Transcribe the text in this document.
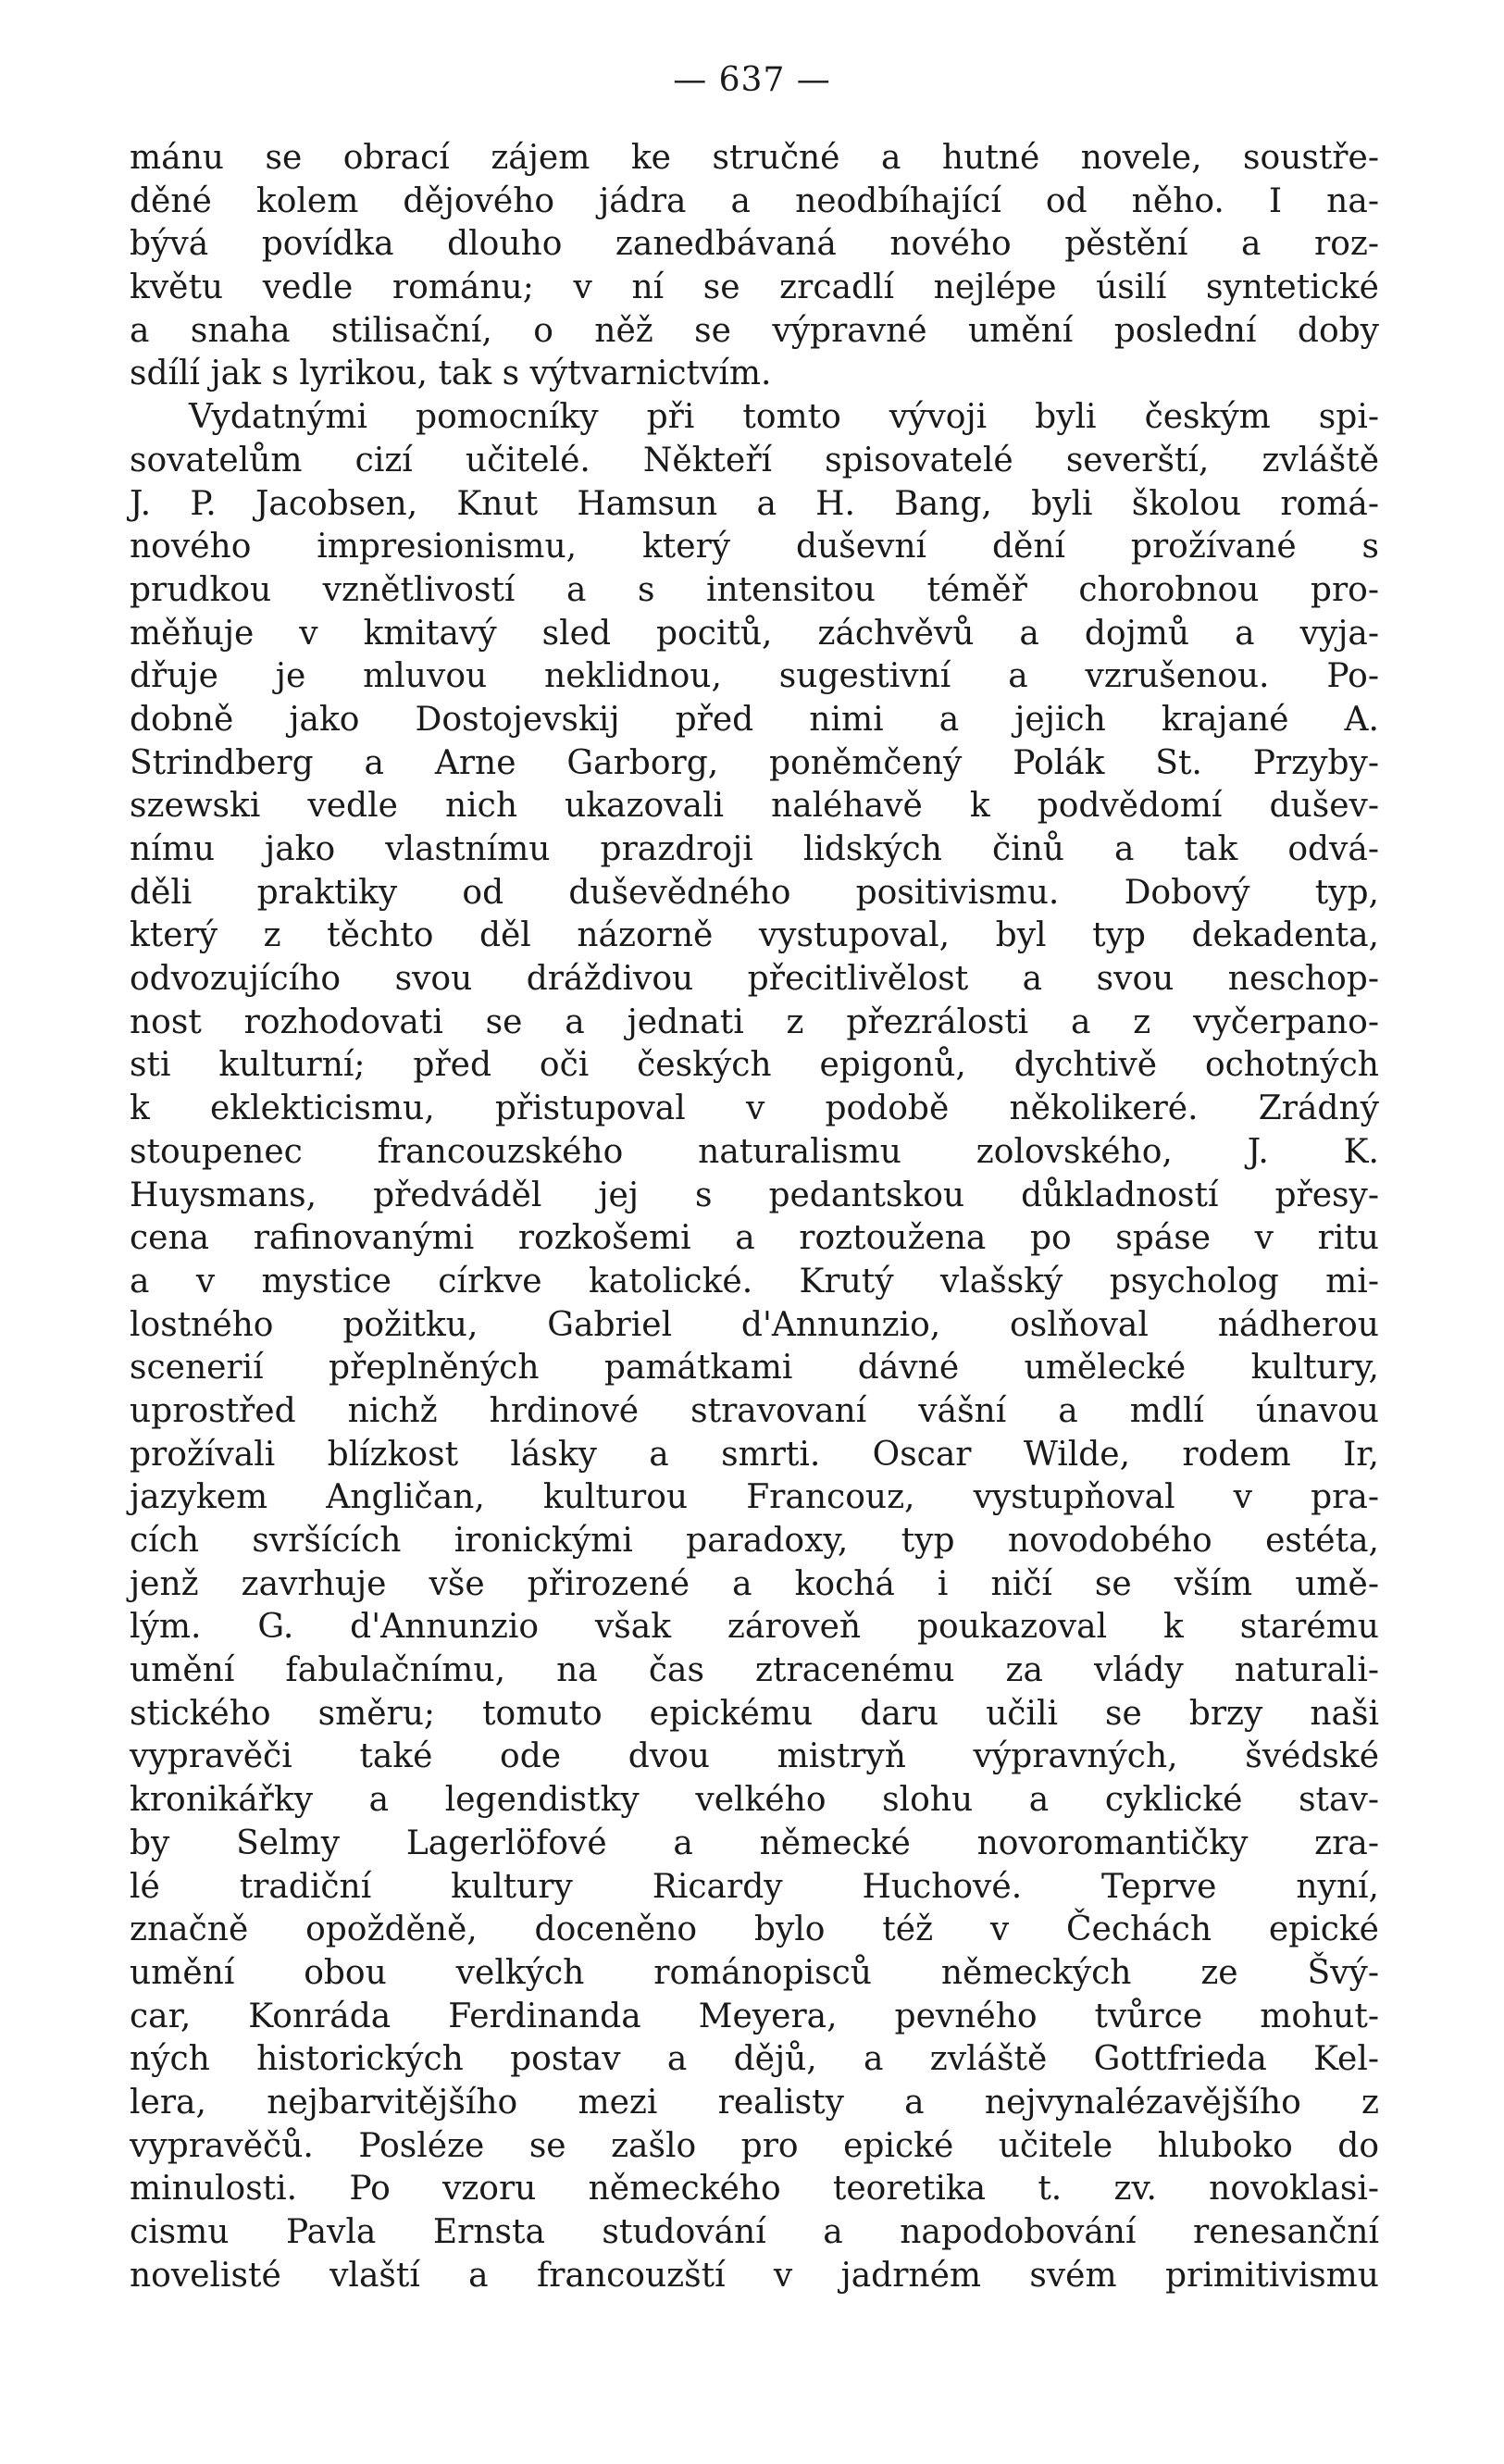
— 637 —
mánu se obrací zájem ke stručné a hutné novele, soustře-
děné kolem dějového jádra a neodbíhající od něho. I na-
bývá povídka dlouho zanedbávaná nového pěstění a roz-
květu vedle románu; v ní se zrcadlí nejlépe úsilí syntetické
a snaha stilisační, o něž se výpravné umění poslední doby
sdílí jak s lyrikou, tak s výtvarnictvím.
Vydatnými pomocníky při tomto vývoji byli českým spi-
sovatelům cizí učitelé. Někteří spisovatelé severští, zvláště
J. P. Jacobsen, Knut Hamsun a H. Bang, byli školou romá-
nového impresionismu, který duševní dění prožívané s
prudkou vznětlivostí a s intensitou téměř chorobnou pro-
měňuje v kmitavý sled pocitů, záchvěvů a dojmů a vyja-
dřuje je mluvou neklidnou, sugestivní a vzrušenou. Po-
dobně jako Dostojevskij před nimi a jejich krajané A.
Strindberg a Arne Garborg, poněmčený Polák St. Przyby-
szewski vedle nich ukazovali naléhavě k podvědomí dušev-
nímu jako vlastnímu prazdroji lidských činů a tak odvá-
děli praktiky od duševědného positivismu. Dobový typ,
který z těchto děl názorně vystupoval, byl typ dekadenta,
odvozujícího svou dráždivou přecitlivělost a svou neschop-
nost rozhodovati se a jednati z přezrálosti a z vyčerpano-
sti kulturní; před oči českých epigonů, dychtivě ochotných
k eklekticismu, přistupoval v podobě několikeré. Zrádný
stoupenec francouzského naturalismu zolovského, J. K.
Huysmans, předváděl jej s pedantskou důkladností přesy-
cena rafinovanými rozkošemi a roztoužena po spáse v ritu
a v mystice církve katolické. Krutý vlašský psycholog mi-
lostného požitku, Gabriel d'Annunzio, oslňoval nádherou
scenerií přeplněných památkami dávné umělecké kultury,
uprostřed nichž hrdinové stravovaní vášní a mdlí únavou
prožívali blízkost lásky a smrti. Oscar Wilde, rodem Ir,
jazykem Angličan, kulturou Francouz, vystupňoval v pra-
cích svršících ironickými paradoxy, typ novodobého estéta,
jenž zavrhuje vše přirozené a kochá i ničí se vším umě-
lým. G. d'Annunzio však zároveň poukazoval k starému
umění fabulačnímu, na čas ztracenému za vlády naturali-
stického směru; tomuto epickému daru učili se brzy naši
vypravěči také ode dvou mistryň výpravných, švédské
kronikářky a legendistky velkého slohu a cyklické stav-
by Selmy Lagerlöfové a německé novoromantičky zra-
lé tradiční kultury Ricardy Huchové. Teprve nyní,
značně opožděně, doceněno bylo též v Čechách epické
umění obou velkých románopisců německých ze Švý-
car, Konráda Ferdinanda Meyera, pevného tvůrce mohut-
ných historických postav a dějů, a zvláště Gottfrieda Kel-
lera, nejbarvitějšího mezi realisty a nejvynalézavějšího z
vypravěčů. Posléze se zašlo pro epické učitele hluboko do
minulosti. Po vzoru německého teoretika t. zv. novoklasi-
cismu Pavla Ernsta studování a napodobování renesanční
novelisté vlaští a francouzští v jadrném svém primitivismu
